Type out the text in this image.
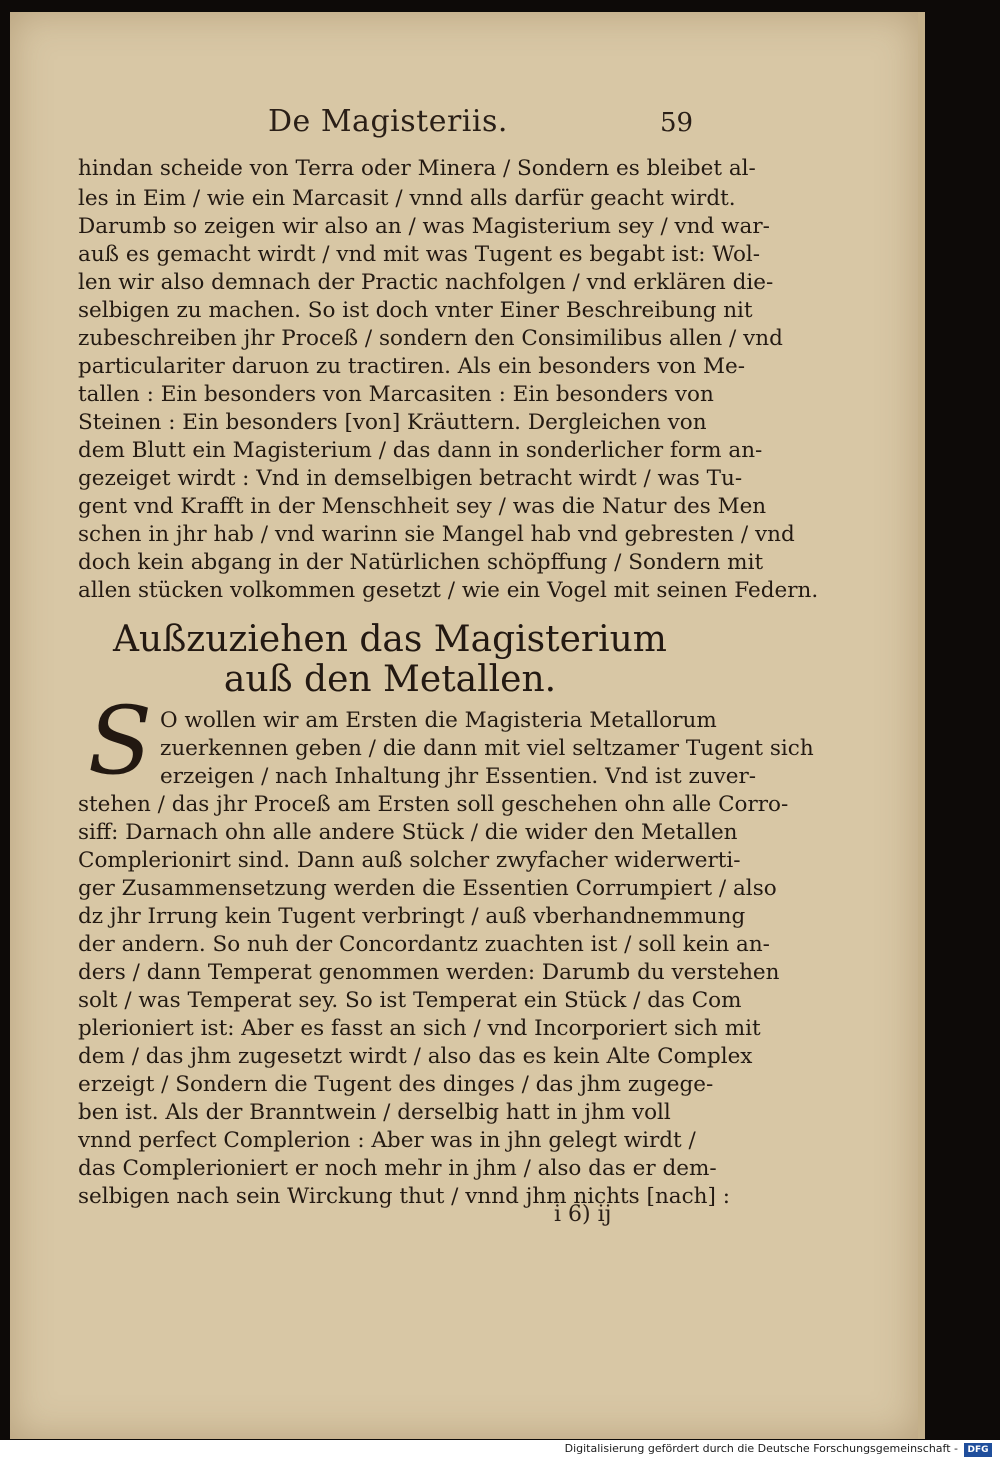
De Magisteriis.	59
hindan scheide von Terra oder Minera / Sondern es bleibet al-
les in Eim / wie ein Marcasit / vnnd alls darfür geacht wirdt.
Darumb so zeigen wir also an / was Magisterium sey / vnd war-
auß es gemacht wirdt / vnd mit was Tugent es begabt ist: Wol-
len wir also demnach der Practic nachfolgen / vnd erklären die-
selbigen zu machen. So ist doch vnter Einer Beschreibung nit
zubeschreiben jhr Proceß / sondern den Consimilibus allen / vnd
particulariter daruon zu tractiren. Als ein besonders von Me-
tallen : Ein besonders von Marcasiten : Ein besonders von
Steinen : Ein besonders [von] Kräuttern. Dergleichen von
dem Blutt ein Magisterium / das dann in sonderlicher form an-
gezeiget wirdt : Vnd in demselbigen betracht wirdt / was Tu-
gent vnd Krafft in der Menschheit sey / was die Natur des Men
schen in jhr hab / vnd warinn sie Mangel hab vnd gebresten / vnd
doch kein abgang in der Natürlichen schöpffung / Sondern mit
allen stücken volkommen gesetzt / wie ein Vogel mit seinen Federn.
Außzuziehen das Magisterium
auß den Metallen.
S O wollen wir am Ersten die Magisteria Metallorum
zuerkennen geben / die dann mit viel seltzamer Tugent sich
erzeigen / nach Inhaltung jhr Essentien. Vnd ist zuver-
stehen / das jhr Proceß am Ersten soll geschehen ohn alle Corro-
siff: Darnach ohn alle andere Stück / die wider den Metallen
Complerionirt sind. Dann auß solcher zwyfacher widerwerti-
ger Zusammensetzung werden die Essentien Corrumpiert / also
dz jhr Irrung kein Tugent verbringt / auß vberhandnemmung
der andern. So nuh der Concordantz zuachten ist / soll kein an-
ders / dann Temperat genommen werden: Darumb du verstehen
solt / was Temperat sey. So ist Temperat ein Stück / das Com
plerioniert ist: Aber es fasst an sich / vnd Incorporiert sich mit
dem / das jhm zugesetzt wirdt / also das es kein Alte Complex
erzeigt / Sondern die Tugent des dinges / das jhm zugege-
ben ist. Als der Branntwein / derselbig hatt in jhm voll
vnnd perfect Complerion : Aber was in jhn gelegt wirdt /
das Complerioniert er noch mehr in jhm / also das er dem-
selbigen nach sein Wirckung thut / vnnd jhm nichts [nach] :
i 6) ij
Digitalisierung gefördert durch die Deutsche Forschungsgemeinschaft -	DFG
